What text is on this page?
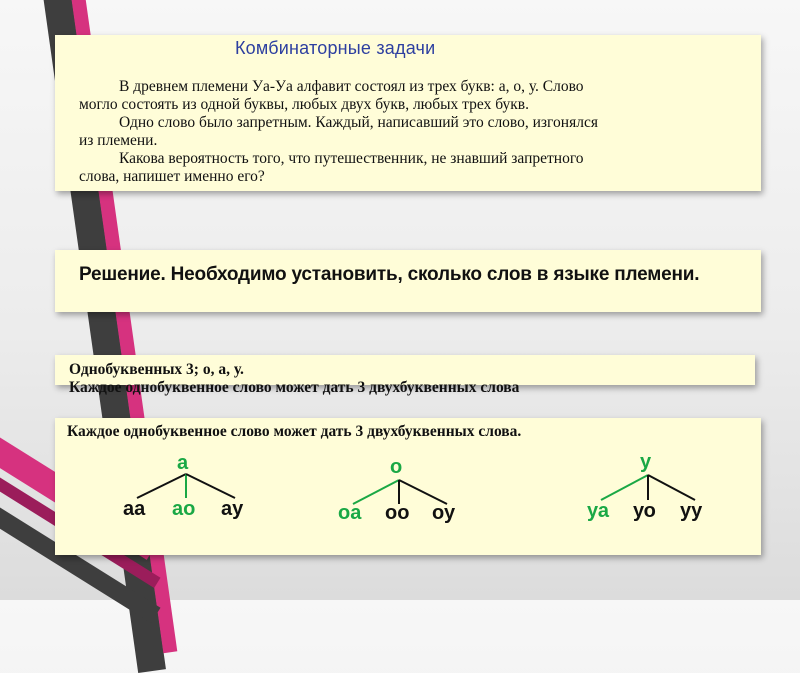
Комбинаторные задачи
В древнем племени Уа-Уа алфавит состоял из трех букв: а, о, у. Слово
могло состоять из одной буквы, любых двух букв, любых трех букв.
Одно слово было запретным. Каждый, написавший это слово, изгонялся
из племени.
Какова вероятность того, что путешественник, не знавший запретного
слова, напишет именно его?
Решение. Необходимо установить, сколько слов в языке племени.
Однобуквенных 3; о, а, у.
Каждое однобуквенное слово может дать 3 двухбуквенных слова
Каждое однобуквенное слово может дать 3 двухбуквенных слова.
а
аа ао ау
о
оа оо оу
у
уа уо уу
